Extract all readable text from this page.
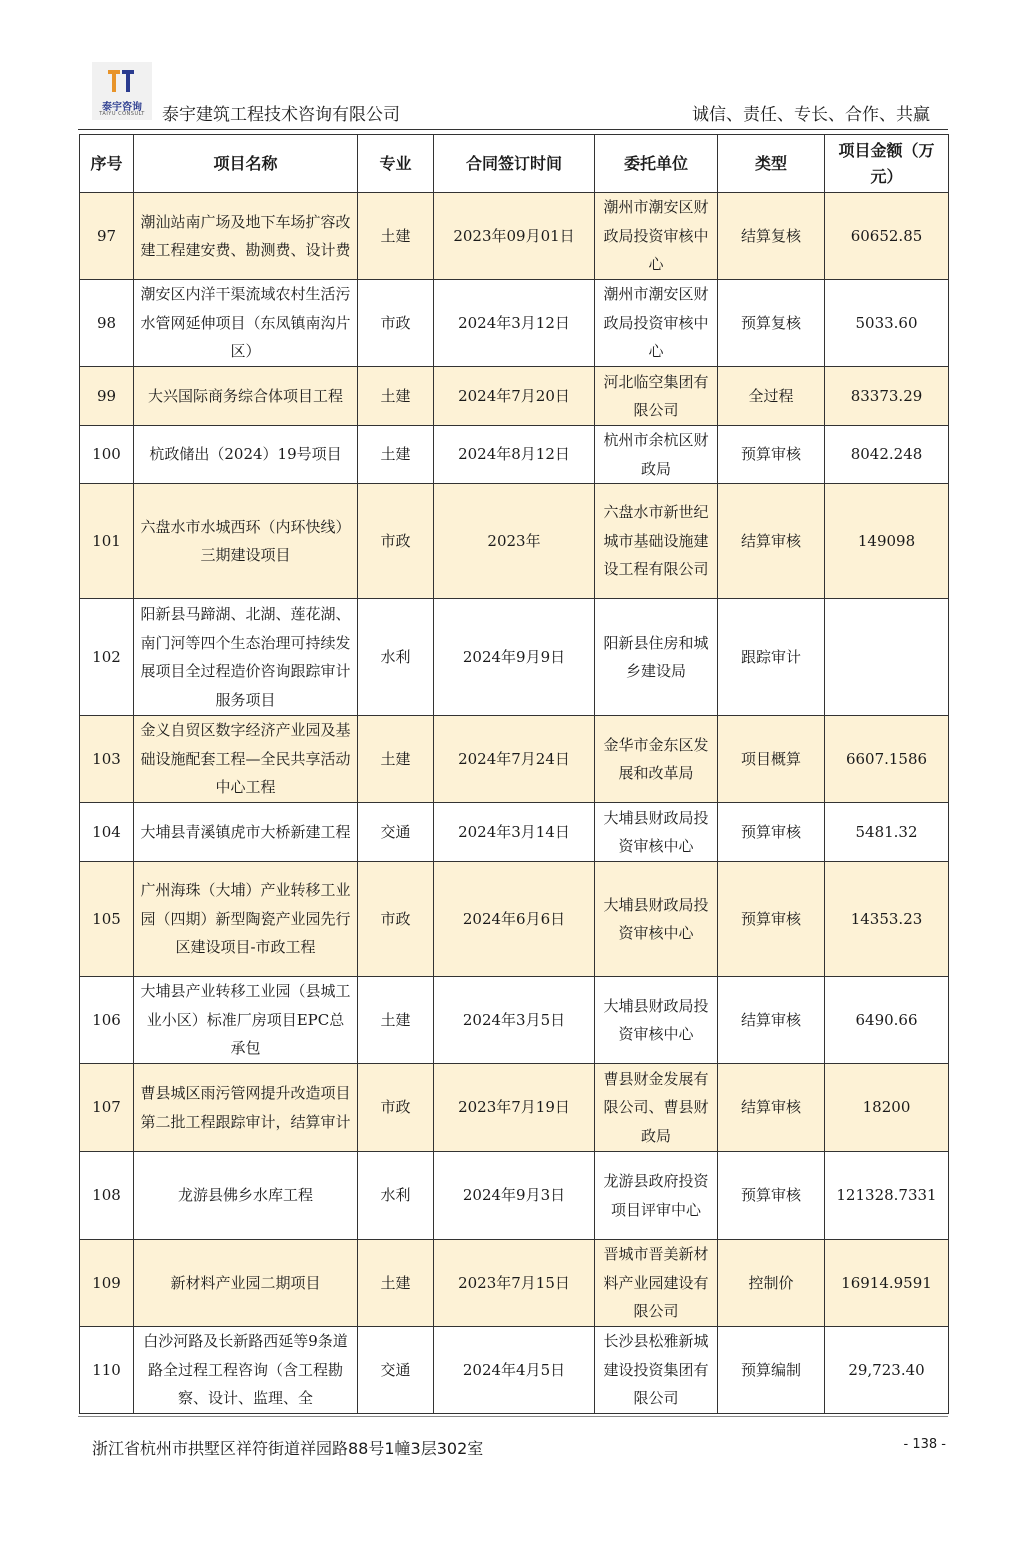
泰宇咨询
TAIYU CONSULT	泰宇建筑工程技术咨询有限公司	诚信、责任、专长、合作、共赢
序号	项目名称	专业	合同签订时间	委托单位	类型	项目金额（万元）
97	潮汕站南广场及地下车场扩容改建工程建安费、勘测费、设计费	土建	2023年09月01日	潮州市潮安区财政局投资审核中心	结算复核	60652.85
98	潮安区内洋干渠流域农村生活污水管网延伸项目（东凤镇南沟片区）	市政	2024年3月12日	潮州市潮安区财政局投资审核中心	预算复核	5033.60
99	大兴国际商务综合体项目工程	土建	2024年7月20日	河北临空集团有限公司	全过程	83373.29
100	杭政储出（2024）19号项目	土建	2024年8月12日	杭州市余杭区财政局	预算审核	8042.248
101	六盘水市水城西环（内环快线）三期建设项目	市政	2023年	六盘水市新世纪城市基础设施建设工程有限公司	结算审核	149098
102	阳新县马蹄湖、北湖、莲花湖、南门河等四个生态治理可持续发展项目全过程造价咨询跟踪审计服务项目	水利	2024年9月9日	阳新县住房和城乡建设局	跟踪审计	
103	金义自贸区数字经济产业园及基础设施配套工程—全民共享活动中心工程	土建	2024年7月24日	金华市金东区发展和改革局	项目概算	6607.1586
104	大埔县青溪镇虎市大桥新建工程	交通	2024年3月14日	大埔县财政局投资审核中心	预算审核	5481.32
105	广州海珠（大埔）产业转移工业园（四期）新型陶瓷产业园先行区建设项目-市政工程	市政	2024年6月6日	大埔县财政局投资审核中心	预算审核	14353.23
106	大埔县产业转移工业园（县城工业小区）标准厂房项目EPC总承包	土建	2024年3月5日	大埔县财政局投资审核中心	结算审核	6490.66
107	曹县城区雨污管网提升改造项目第二批工程跟踪审计，结算审计	市政	2023年7月19日	曹县财金发展有限公司、曹县财政局	结算审核	18200
108	龙游县佛乡水库工程	水利	2024年9月3日	龙游县政府投资项目评审中心	预算审核	121328.7331
109	新材料产业园二期项目	土建	2023年7月15日	晋城市晋美新材料产业园建设有限公司	控制价	16914.9591
110	白沙河路及长新路西延等9条道路全过程工程咨询（含工程勘察、设计、监理、全	交通	2024年4月5日	长沙县松雅新城建设投资集团有限公司	预算编制	29,723.40
浙江省杭州市拱墅区祥符街道祥园路88号1幢3层302室	- 138 -
